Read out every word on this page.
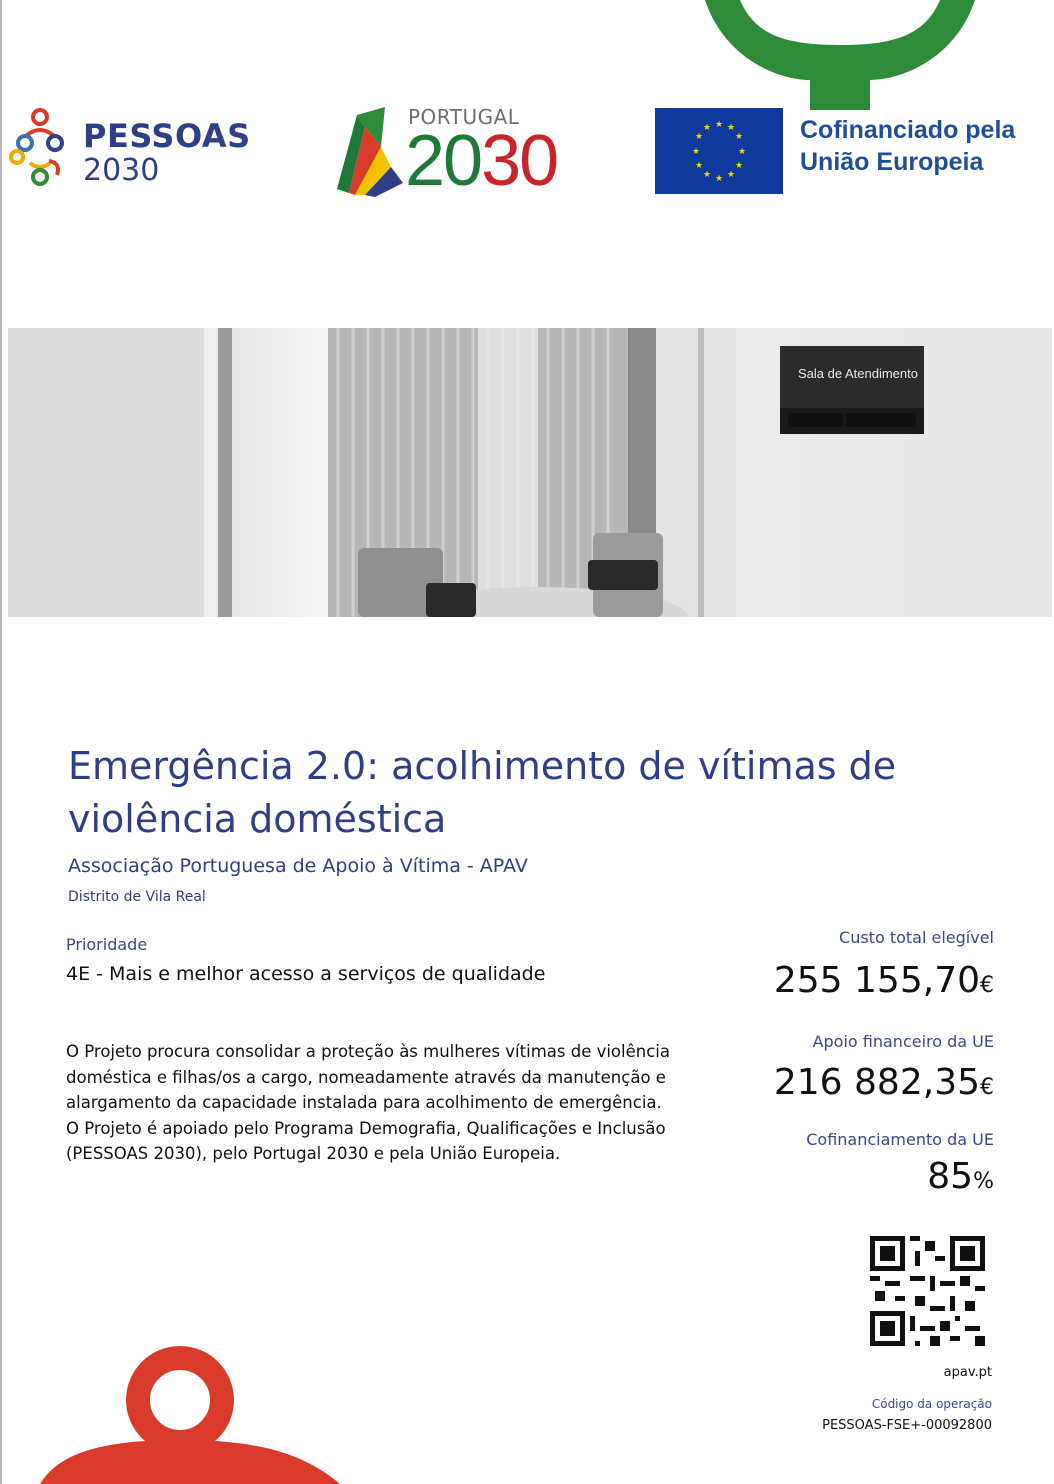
PESSOAS
2030
PORTUGAL
2030	★ ★
★
★
★
★
★
★
★
★
★
★	Cofinanciado pela
União Europeia
Sala de Atendimento
Emergência 2.0: acolhimento de vítimas de violência doméstica
Associação Portuguesa de Apoio à Vítima - APAV
Distrito de Vila Real
Prioridade
4E - Mais e melhor acesso a serviços de qualidade
O Projeto procura consolidar a proteção às mulheres vítimas de violência doméstica e filhas/os a cargo, nomeadamente através da manutenção e alargamento da capacidade instalada para acolhimento de emergência.
O Projeto é apoiado pelo Programa Demografia, Qualificações e Inclusão (PESSOAS 2030), pelo Portugal 2030 e pela União Europeia.
Custo total elegível
255 155,70€
Apoio financeiro da UE
216 882,35€
Cofinanciamento da UE
85%
apav.pt
Código da operação
PESSOAS-FSE+-00092800
